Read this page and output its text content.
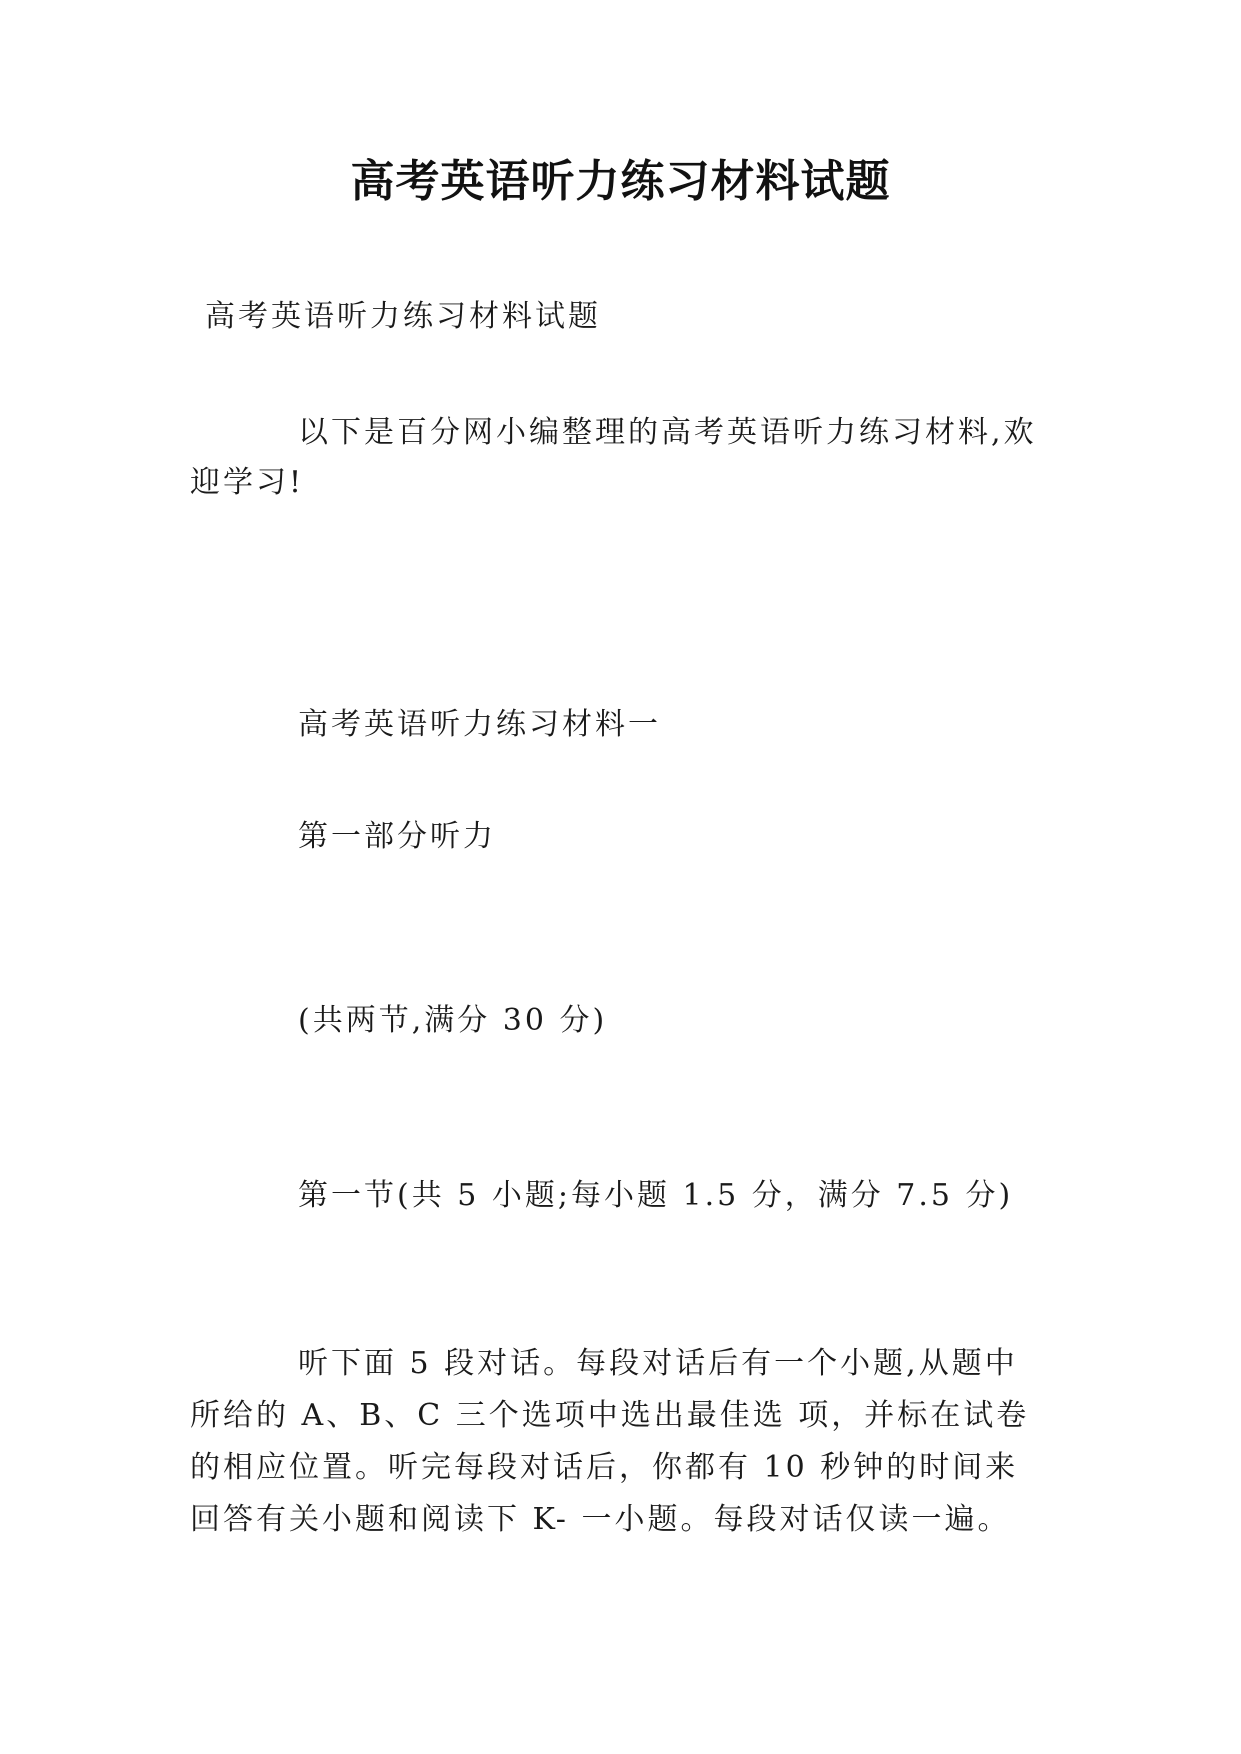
高考英语听力练习材料试题

高考英语听力练习材料试题

以下是百分网小编整理的高考英语听力练习材料,欢迎学习!

高考英语听力练习材料一

第一部分听力

(共两节,满分 30 分)

第一节(共 5 小题;每小题 1.5 分，满分 7.5 分)

听下面 5 段对话。每段对话后有一个小题,从题中所给的 A、B、C 三个选项中选出最佳选 项，并标在试卷的相应位置。听完每段对话后，你都有 10 秒钟的时间来回答有关小题和阅读下 K- 一小题。每段对话仅读一遍。
